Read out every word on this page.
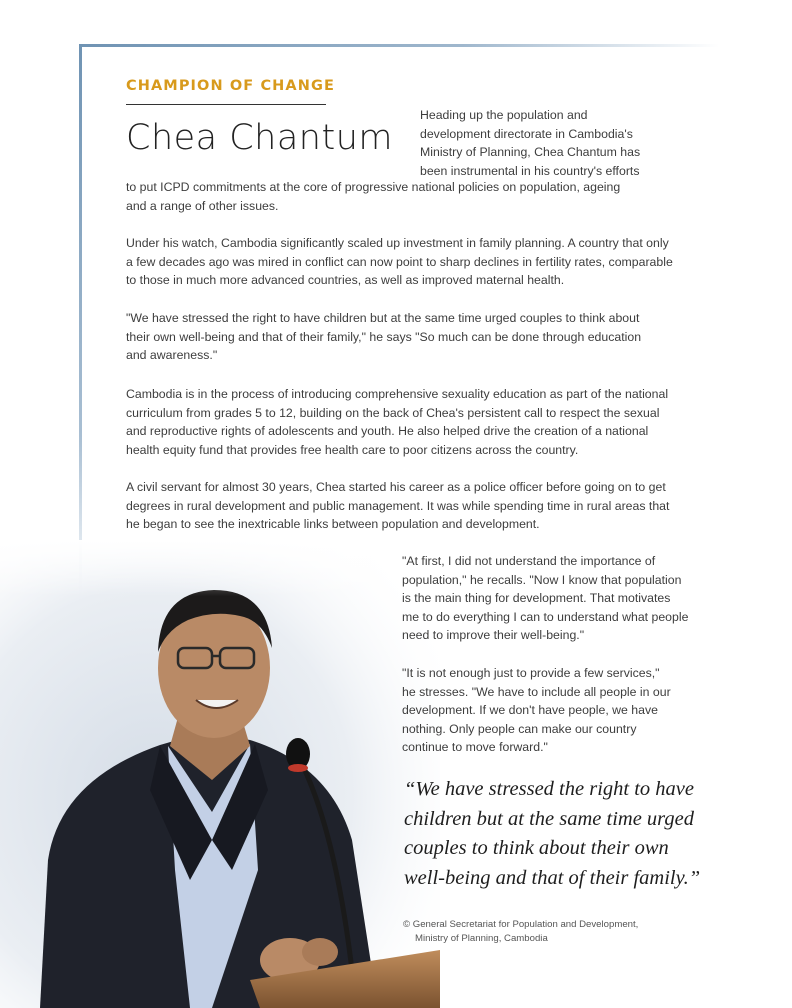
CHAMPION OF CHANGE
Chea Chantum
Heading up the population and
development directorate in Cambodia's
Ministry of Planning, Chea Chantum has
been instrumental in his country's efforts
to put ICPD commitments at the core of progressive national policies on population, ageing
and a range of other issues.
Under his watch, Cambodia significantly scaled up investment in family planning. A country that only
a few decades ago was mired in conflict can now point to sharp declines in fertility rates, comparable
to those in much more advanced countries, as well as improved maternal health.
"We have stressed the right to have children but at the same time urged couples to think about
their own well-being and that of their family," he says "So much can be done through education
and awareness."
Cambodia is in the process of introducing comprehensive sexuality education as part of the national
curriculum from grades 5 to 12, building on the back of Chea's persistent call to respect the sexual
and reproductive rights of adolescents and youth. He also helped drive the creation of a national
health equity fund that provides free health care to poor citizens across the country.
A civil servant for almost 30 years, Chea started his career as a police officer before going on to get
degrees in rural development and public management. It was while spending time in rural areas that
he began to see the inextricable links between population and development.
"At first, I did not understand the importance of
population," he recalls. "Now I know that population
is the main thing for development. That motivates
me to do everything I can to understand what people
need to improve their well-being."
"It is not enough just to provide a few services,"
he stresses. "We have to include all people in our
development. If we don't have people, we have
nothing. Only people can make our country
continue to move forward."
“We have stressed the right to have
children but at the same time urged
couples to think about their own
well-being and that of their family.”
© General Secretariat for Population and Development,
Ministry of Planning, Cambodia
